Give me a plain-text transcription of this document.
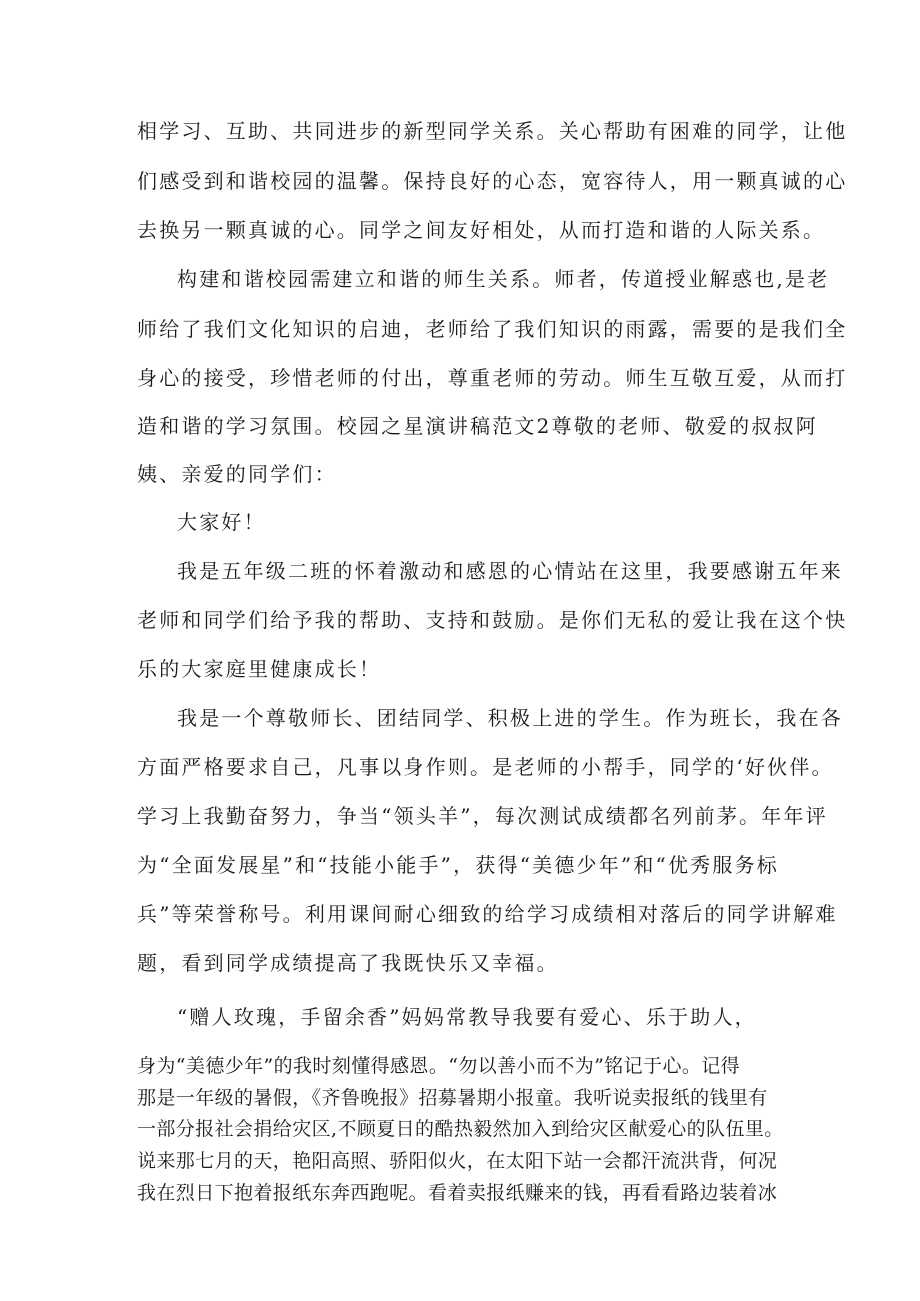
相学习、互助、共同进步的新型同学关系。关心帮助有困难的同学，让他
们感受到和谐校园的温馨。保持良好的心态，宽容待人，用一颗真诚的心
去换另一颗真诚的心。同学之间友好相处，从而打造和谐的人际关系。
构建和谐校园需建立和谐的师生关系。师者，传道授业解惑也,是老
师给了我们文化知识的启迪，老师给了我们知识的雨露，需要的是我们全
身心的接受，珍惜老师的付出，尊重老师的劳动。师生互敬互爱，从而打
造和谐的学习氛围。校园之星演讲稿范文2尊敬的老师、敬爱的叔叔阿
姨、亲爱的同学们：
大家好！
我是五年级二班的怀着激动和感恩的心情站在这里，我要感谢五年来
老师和同学们给予我的帮助、支持和鼓励。是你们无私的爱让我在这个快
乐的大家庭里健康成长！
我是一个尊敬师长、团结同学、积极上进的学生。作为班长，我在各
方面严格要求自己，凡事以身作则。是老师的小帮手，同学的‘好伙伴。
学习上我勤奋努力，争当“领头羊”，每次测试成绩都名列前茅。年年评
为“全面发展星”和“技能小能手”，获得“美德少年”和“优秀服务标
兵”等荣誉称号。利用课间耐心细致的给学习成绩相对落后的同学讲解难
题，看到同学成绩提高了我既快乐又幸福。
“赠人玫瑰，手留余香”妈妈常教导我要有爱心、乐于助人，
身为“美德少年”的我时刻懂得感恩。“勿以善小而不为”铭记于心。记得
那是一年级的暑假，《齐鲁晚报》招募暑期小报童。我听说卖报纸的钱里有
一部分报社会捐给灾区,不顾夏日的酷热毅然加入到给灾区献爱心的队伍里。
说来那七月的天，艳阳高照、骄阳似火，在太阳下站一会都汗流洪背，何况
我在烈日下抱着报纸东奔西跑呢。看着卖报纸赚来的钱，再看看路边装着冰
